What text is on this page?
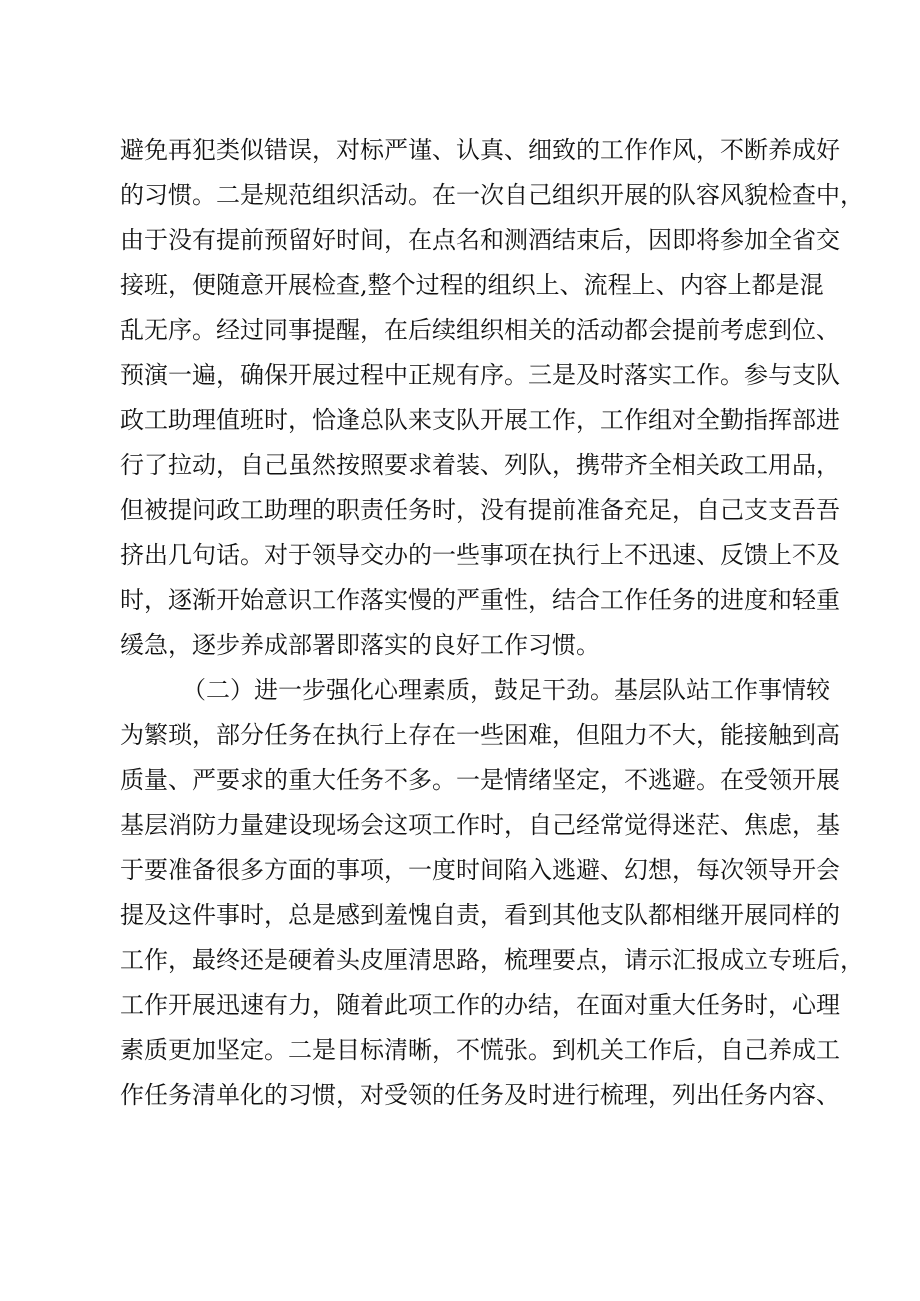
避免再犯类似错误，对标严谨、认真、细致的工作作风，不断养成好
的习惯。二是规范组织活动。在一次自己组织开展的队容风貌检查中，
由于没有提前预留好时间，在点名和测酒结束后，因即将参加全省交
接班，便随意开展检查,整个过程的组织上、流程上、内容上都是混
乱无序。经过同事提醒，在后续组织相关的活动都会提前考虑到位、
预演一遍，确保开展过程中正规有序。三是及时落实工作。参与支队
政工助理值班时，恰逢总队来支队开展工作，工作组对全勤指挥部进
行了拉动，自己虽然按照要求着装、列队，携带齐全相关政工用品，
但被提问政工助理的职责任务时，没有提前准备充足，自己支支吾吾
挤出几句话。对于领导交办的一些事项在执行上不迅速、反馈上不及
时，逐渐开始意识工作落实慢的严重性，结合工作任务的进度和轻重
缓急，逐步养成部署即落实的良好工作习惯。
（二）进一步强化心理素质，鼓足干劲。基层队站工作事情较
为繁琐，部分任务在执行上存在一些困难，但阻力不大，能接触到高
质量、严要求的重大任务不多。一是情绪坚定，不逃避。在受领开展
基层消防力量建设现场会这项工作时，自己经常觉得迷茫、焦虑，基
于要准备很多方面的事项，一度时间陷入逃避、幻想，每次领导开会
提及这件事时，总是感到羞愧自责，看到其他支队都相继开展同样的
工作，最终还是硬着头皮厘清思路，梳理要点，请示汇报成立专班后，
工作开展迅速有力，随着此项工作的办结，在面对重大任务时，心理
素质更加坚定。二是目标清晰，不慌张。到机关工作后，自己养成工
作任务清单化的习惯，对受领的任务及时进行梳理，列出任务内容、
